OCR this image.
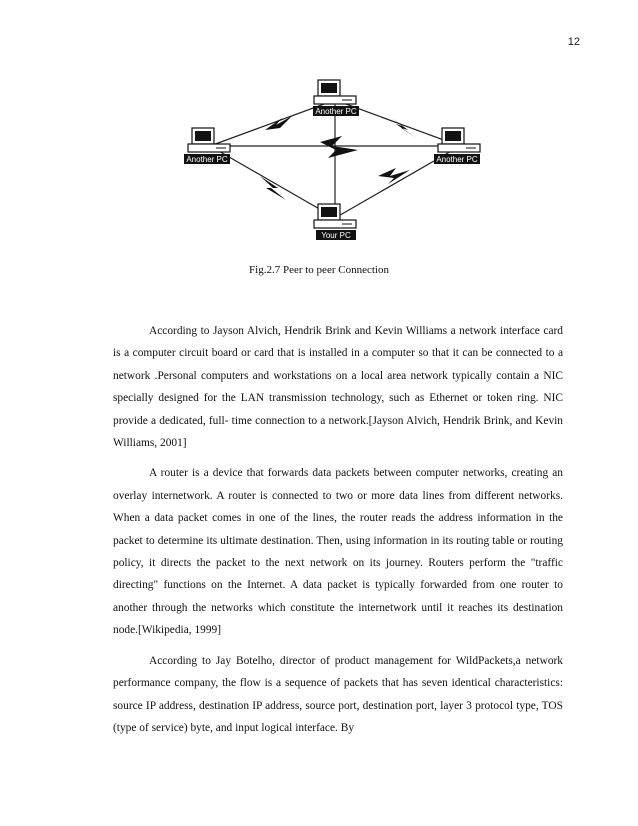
12
Another PC
Another PC	Another PC
Your PC
Fig.2.7 Peer to peer Connection

According to Jayson Alvich, Hendrik Brink and Kevin Williams a network interface card is a computer circuit board or card that is installed in a computer so that it can be connected to a network .Personal computers and workstations on a local area network typically contain a NIC specially designed for the LAN transmission technology, such as Ethernet or token ring. NIC provide a dedicated, full- time connection to a network.[Jayson Alvich, Hendrik Brink, and Kevin Williams, 2001]

A router is a device that forwards data packets between computer networks, creating an overlay internetwork. A router is connected to two or more data lines from different networks. When a data packet comes in one of the lines, the router reads the address information in the packet to determine its ultimate destination. Then, using information in its routing table or routing policy, it directs the packet to the next network on its journey. Routers perform the "traffic directing" functions on the Internet. A data packet is typically forwarded from one router to another through the networks which constitute the internetwork until it reaches its destination node.[Wikipedia, 1999]

According to Jay Botelho, director of product management for WildPackets,a network performance company, the flow is a sequence of packets that has seven identical characteristics: source IP address, destination IP address, source port, destination port, layer 3 protocol type, TOS (type of service) byte, and input logical interface. By
